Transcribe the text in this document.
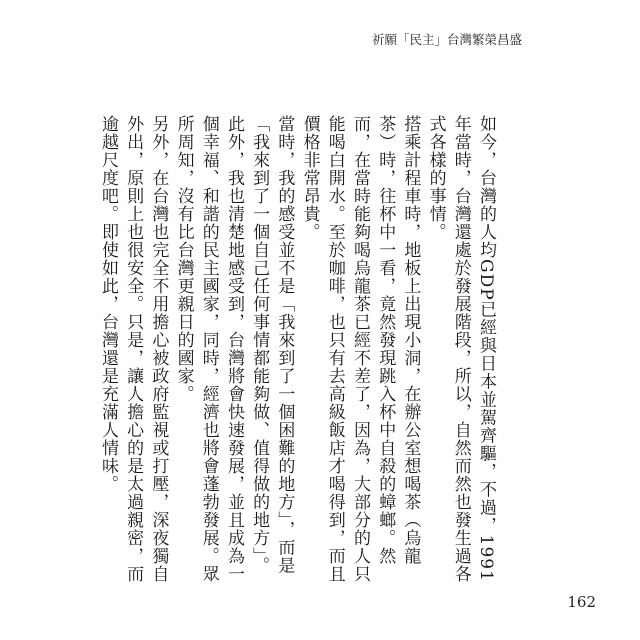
祈願「民主」台灣繁榮昌盛

如今，台灣的人均GDP已經與日本並駕齊驅，不過，1991年當時，台灣還處於發展階段，所以，自然而然也發生過各式各樣的事情。

搭乘計程車時，地板上出現小洞，在辦公室想喝茶（烏龍茶）時，往杯中一看，竟然發現跳入杯中自殺的蟑螂。然而，在當時能夠喝烏龍茶已經不差了，因為，大部分的人只能喝白開水。至於咖啡，也只有去高級飯店才喝得到，而且價格非常昂貴。

當時，我的感受並不是「我來到了一個困難的地方」，而是「我來到了一個自己任何事情都能夠做、值得做的地方」。此外，我也清楚地感受到，台灣將會快速發展，並且成為一個幸福、和諧的民主國家，同時，經濟也將會蓬勃發展。眾所周知，沒有比台灣更親日的國家。

另外，在台灣也完全不用擔心被政府監視或打壓，深夜獨自外出，原則上也很安全。只是，讓人擔心的是太過親密，而逾越尺度吧。即使如此，台灣還是充滿人情味。

162
